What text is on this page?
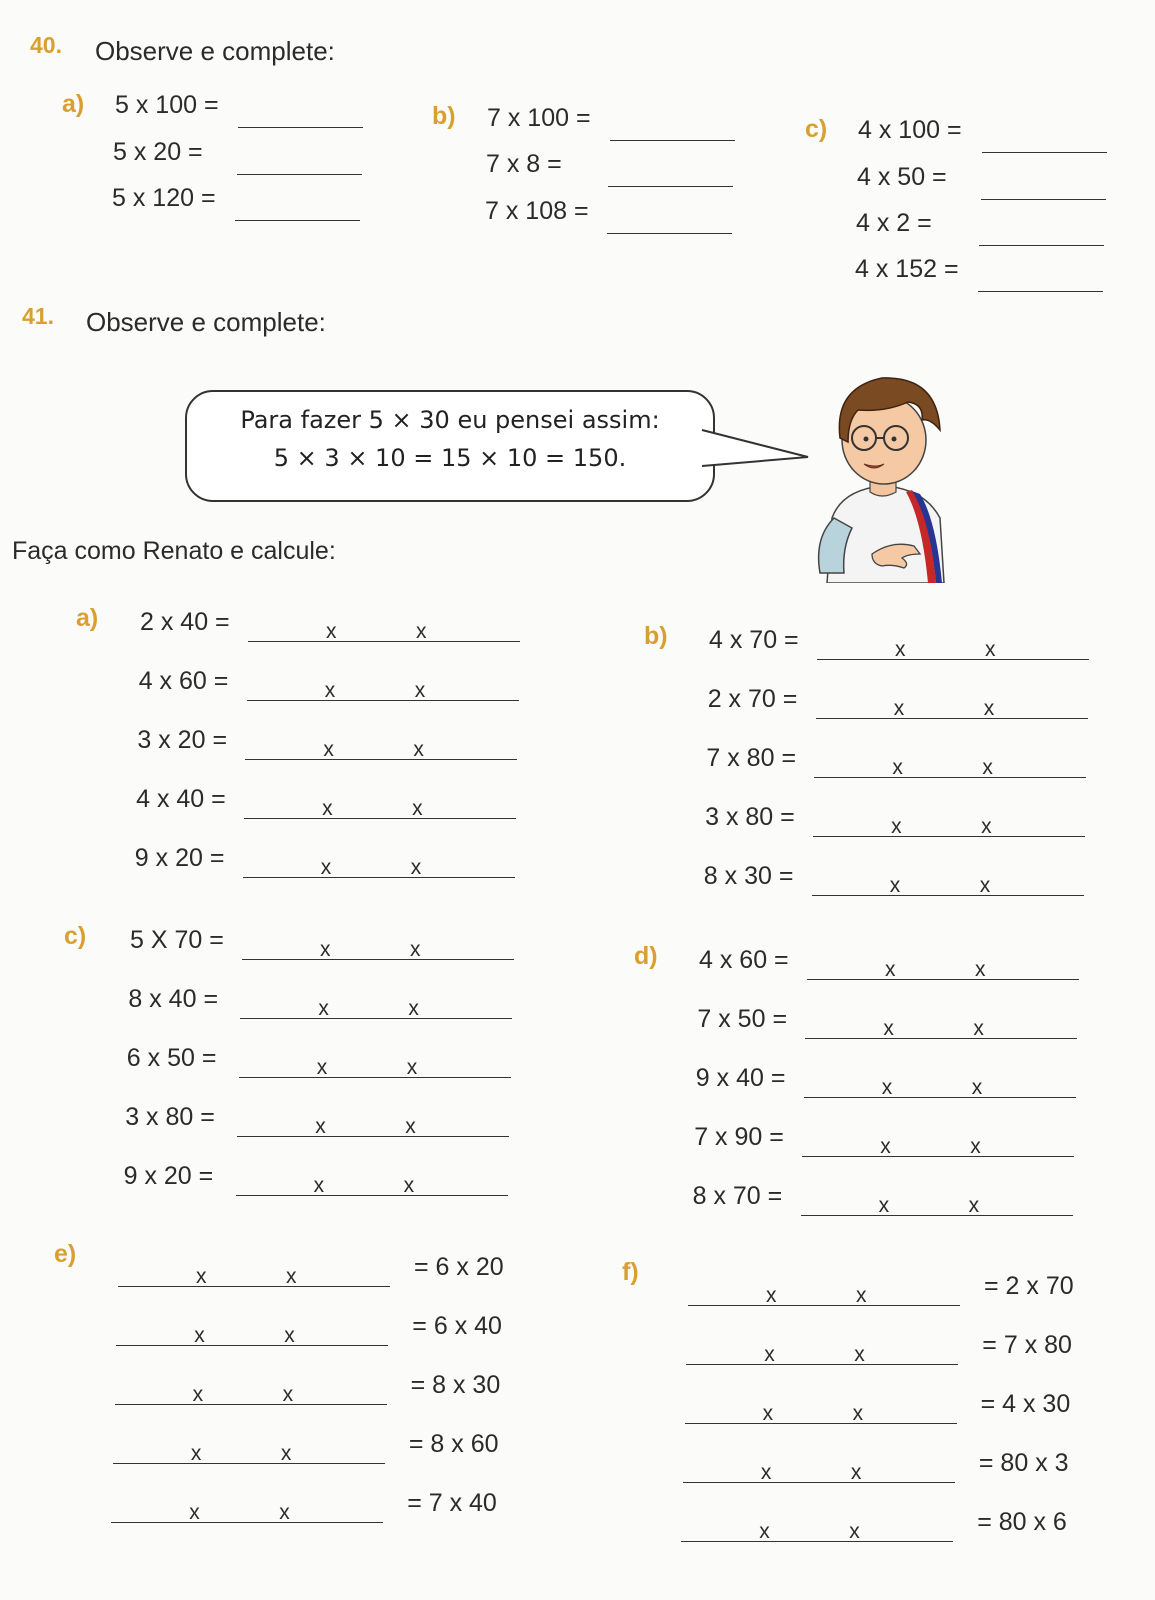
40. Observe e complete:
a) 5 x 100 =
5 x 20 =
5 x 120 =
b) 7 x 100 =
7 x 8 =
7 x 108 =
c) 4 x 100 =
4 x 50 =
4 x 2 =
4 x 152 =
41. Observe e complete:
Para fazer 5 × 30 eu pensei assim:
5 × 3 × 10 = 15 × 10 = 150.
Faça como Renato e calcule:
a)
b)
c)
d)
e)
f)
2 x 40 =	x	x
4 x 60 =	x	x
3 x 20 =	x	x
4 x 40 =	x	x
9 x 20 =	x	x
4 x 70 =	x	x
2 x 70 =	x	x
7 x 80 =	x	x
3 x 80 =	x	x
8 x 30 =	x	x
5 X 70 =	x	x
8 x 40 =	x	x
6 x 50 =	x	x
3 x 80 =	x	x
9 x 20 =	x	x
4 x 60 =	x	x
7 x 50 =	x	x
9 x 40 =	x	x
7 x 90 =	x	x
8 x 70 =	x	x
= 6 x 20
x	x
= 6 x 40
x	x
= 8 x 30
x	x
= 8 x 60
x	x
= 7 x 40
x	x
= 2 x 70
x	x
= 7 x 80
x	x
= 4 x 30
x	x
= 80 x 3
x	x
= 80 x 6
x	x
